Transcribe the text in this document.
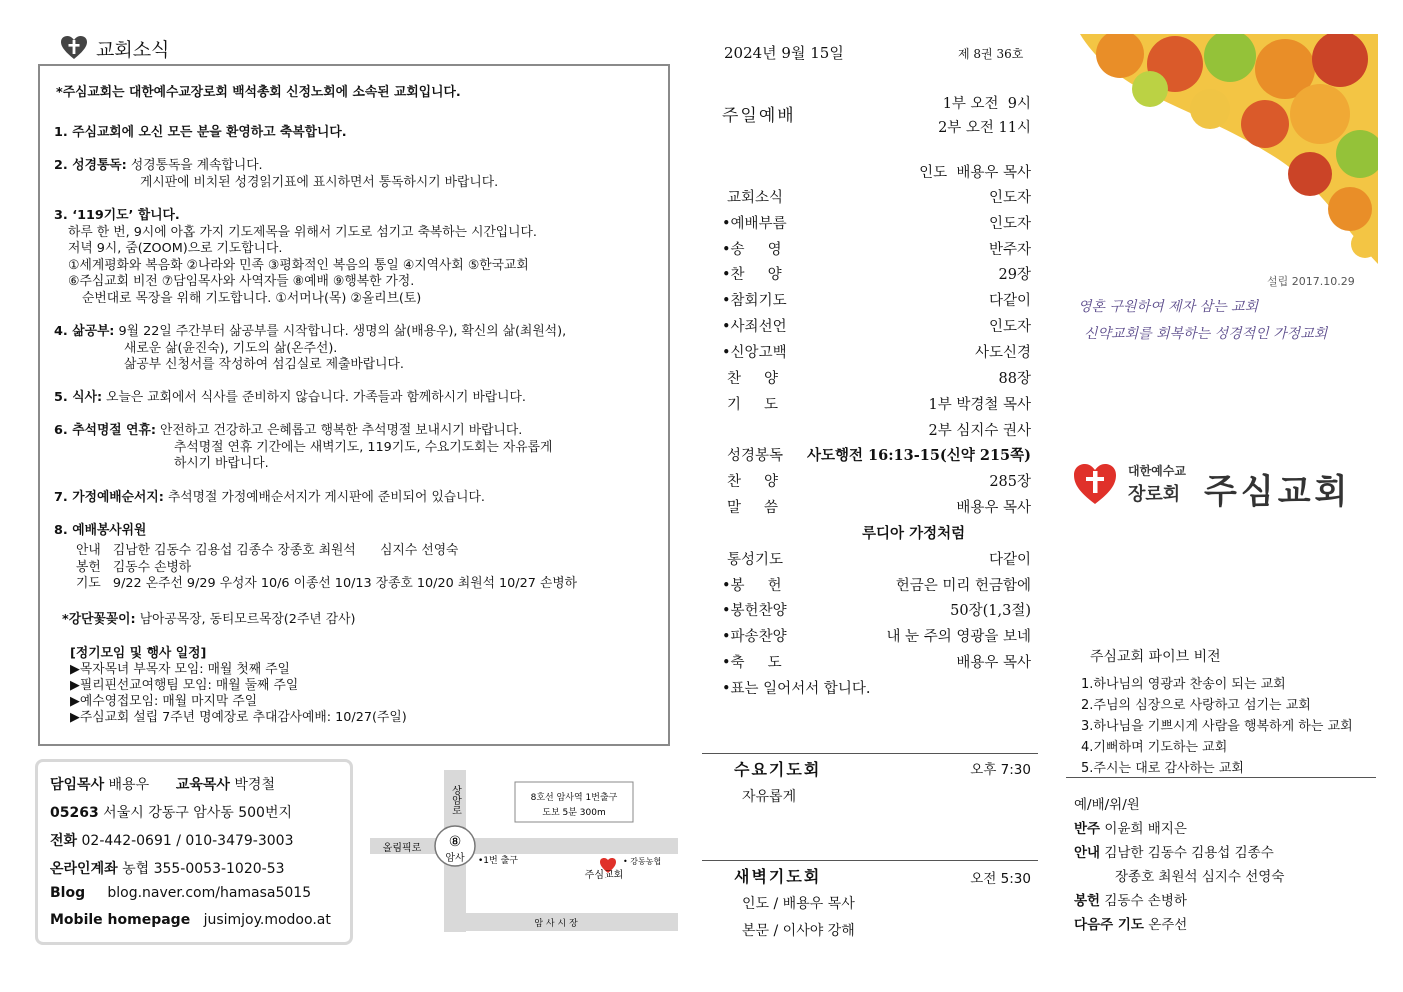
교회소식
*주심교회는 대한예수교장로회 백석총회 신정노회에 소속된 교회입니다.
1. 주심교회에 오신 모든 분을 환영하고 축복합니다.
2. 성경통독: 성경통독을 계속합니다.
게시판에 비치된 성경읽기표에 표시하면서 통독하시기 바랍니다.
3. ‘119기도’ 합니다.
하루 한 번, 9시에 아홉 가지 기도제목을 위해서 기도로 섬기고 축복하는 시간입니다.
저녁 9시, 줌(ZOOM)으로 기도합니다.
①세계평화와 복음화 ②나라와 민족 ③평화적인 복음의 통일 ④지역사회 ⑤한국교회
⑥주심교회 비전 ⑦담임목사와 사역자들 ⑧예배 ⑨행복한 가정.
순번대로 목장을 위해 기도합니다. ①서머나(목) ②올리브(토)
4. 삶공부: 9월 22일 주간부터 삶공부를 시작합니다. 생명의 삶(배용우), 확신의 삶(최원석),
새로운 삶(윤진숙), 기도의 삶(온주선).
삶공부 신청서를 작성하여 섬김실로 제출바랍니다.
5. 식사: 오늘은 교회에서 식사를 준비하지 않습니다. 가족들과 함께하시기 바랍니다.
6. 추석명절 연휴: 안전하고 건강하고 은혜롭고 행복한 추석명절 보내시기 바랍니다.
추석명절 연휴 기간에는 새벽기도, 119기도, 수요기도회는 자유롭게
하시기 바랍니다.
7. 가정예배순서지: 추석명절 가정예배순서지가 게시판에 준비되어 있습니다.
8. 예배봉사위원
안내   김남한 김동수 김용섭 김종수 장종호 최원석      심지수 선영숙
봉헌   김동수 손병하
기도   9/22 온주선 9/29 우성자 10/6 이종선 10/13 장종호 10/20 최원석 10/27 손병하
*강단꽃꽂이: 남아공목장, 동티모르목장(2주년 감사)
[정기모임 및 행사 일정]
▶목자목녀 부목자 모임: 매월 첫째 주일
▶필리핀선교여행팀 모임: 매월 둘째 주일
▶예수영접모임: 매월 마지막 주일
▶주심교회 설립 7주년 명예장로 추대감사예배: 10/27(주일)
담임목사 배용우 교육목사 박경철
05263 서울시 강동구 암사동 500번지
전화 02-442-0691 / 010-3479-3003
온라인계좌 농협 355-0053-1020-53
Blog blog.naver.com/hamasa5015
Mobile homepage jusimjoy.modoo.at
상암로
올림픽로 ⑧
암사 •1번 출구
8호선 암사역 1번출구
도보 5분 300m
주심교회
• 강동농협
암 사 시 장
2024년 9월 15일	제 8권 36호
주일예배
1부 오전  9시
2부 오전 11시
인도  배용우 목사
교회소식	인도자
•예배부름	인도자
•송     영	반주자
•찬     양	29장
•참회기도	다같이
•사죄선언	인도자
•신앙고백	사도신경
찬     양	88장
기     도	1부 박경철 목사
2부 심지수 권사
성경봉독 사도행전 16:13-15(신약 215쪽)
찬     양	285장
말     씀	배용우 목사
루디아 가정처럼
통성기도	다같이
•봉     헌	헌금은 미리 헌금함에
•봉헌찬양	50장(1,3절)
•파송찬양	내 눈 주의 영광을 보네
•축     도	배용우 목사
•표는 일어서서 합니다.
수요기도회	오후 7:30
자유롭게
새벽기도회	오전 5:30
인도 / 배용우 목사
본문 / 이사야 강해
설립 2017.10.29
영혼 구원하여 제자 삼는 교회
신약교회를 회복하는 성경적인 가정교회
대한예수교
장로회 주심교회
주심교회 파이브 비전
1.하나님의 영광과 찬송이 되는 교회
2.주님의 심장으로 사랑하고 섬기는 교회
3.하나님을 기쁘시게 사람을 행복하게 하는 교회
4.기뻐하며 기도하는 교회
5.주시는 대로 감사하는 교회
예/배/위/원
반주 이윤희 배지은
안내 김남한 김동수 김용섭 김종수
장종호 최원석 심지수 선영숙
봉헌 김동수 손병하
다음주 기도 온주선
